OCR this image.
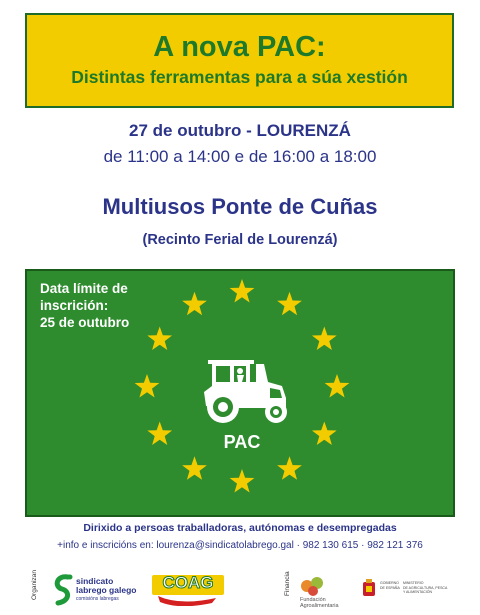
A nova PAC:
Distintas ferramentas para a súa xestión
27 de outubro - LOURENZÁ
de 11:00 a 14:00 e de 16:00 a 18:00
Multiusos Ponte de Cuñas
(Recinto Ferial de Lourenzá)
Data límite de
inscrición:
25 de outubro
PAC
Dirixido a persoas traballadoras, autónomas e desempregadas
+info e inscricións en: lourenza@sindicatolabrego.gal · 982 130 615 · 982 121 376
Organizan	sindicato
labrego galego
comisións labregas
COAG	Financia
Fundación
Agroalimentaria
GOBIERNO
DE ESPAÑA
MINISTERIO
DE AGRICULTURA, PESCA
Y ALIMENTACIÓN
